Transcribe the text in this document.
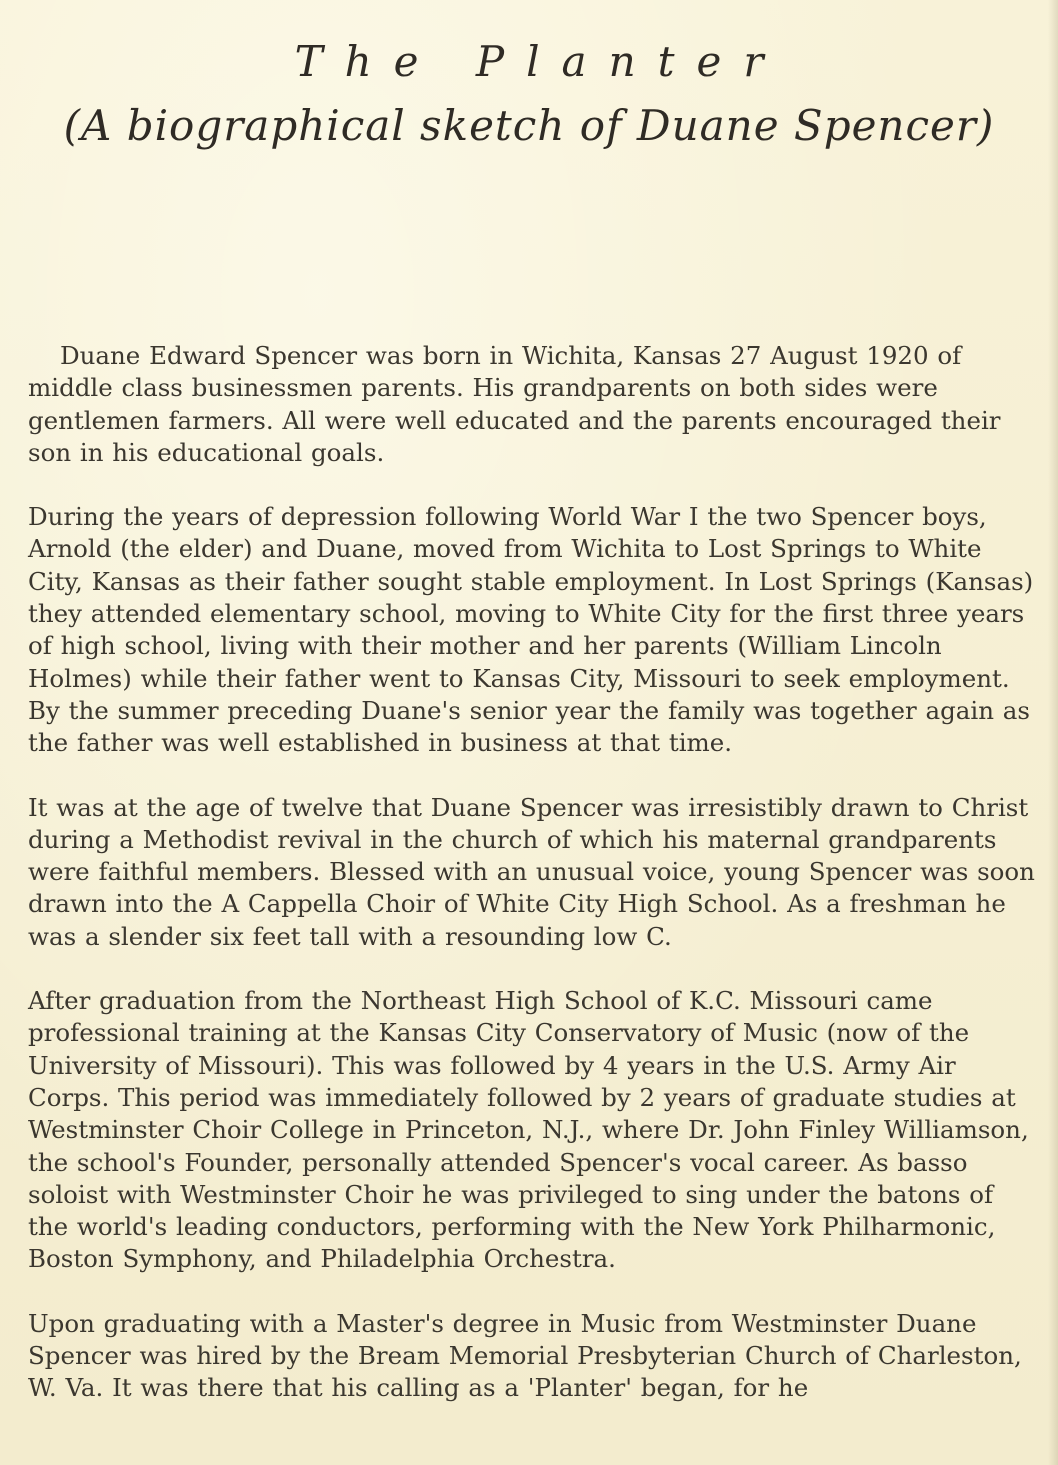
The Planter
(A biographical sketch of Duane Spencer)

Duane Edward Spencer was born in Wichita, Kansas 27 August 1920 of middle class businessmen parents. His grandparents on both sides were gentlemen farmers. All were well educated and the parents encouraged their son in his educational goals.

During the years of depression following World War I the two Spencer boys, Arnold (the elder) and Duane, moved from Wichita to Lost Springs to White City, Kansas as their father sought stable employment. In Lost Springs (Kansas) they attended elementary school, moving to White City for the first three years of high school, living with their mother and her parents (William Lincoln Holmes) while their father went to Kansas City, Missouri to seek employment. By the summer preceding Duane's senior year the family was together again as the father was well established in business at that time.

It was at the age of twelve that Duane Spencer was irresistibly drawn to Christ during a Methodist revival in the church of which his maternal grandparents were faithful members. Blessed with an unusual voice, young Spencer was soon drawn into the A Cappella Choir of White City High School. As a freshman he was a slender six feet tall with a resounding low C.

After graduation from the Northeast High School of K.C. Missouri came professional training at the Kansas City Conservatory of Music (now of the University of Missouri). This was followed by 4 years in the U.S. Army Air Corps. This period was immediately followed by 2 years of graduate studies at Westminster Choir College in Princeton, N.J., where Dr. John Finley Williamson, the school's Founder, personally attended Spencer's vocal career. As basso soloist with Westminster Choir he was privileged to sing under the batons of the world's leading conductors, performing with the New York Philharmonic, Boston Symphony, and Philadelphia Orchestra.

Upon graduating with a Master's degree in Music from Westminster Duane Spencer was hired by the Bream Memorial Presbyterian Church of Charleston, W. Va. It was there that his calling as a 'Planter' began, for he
